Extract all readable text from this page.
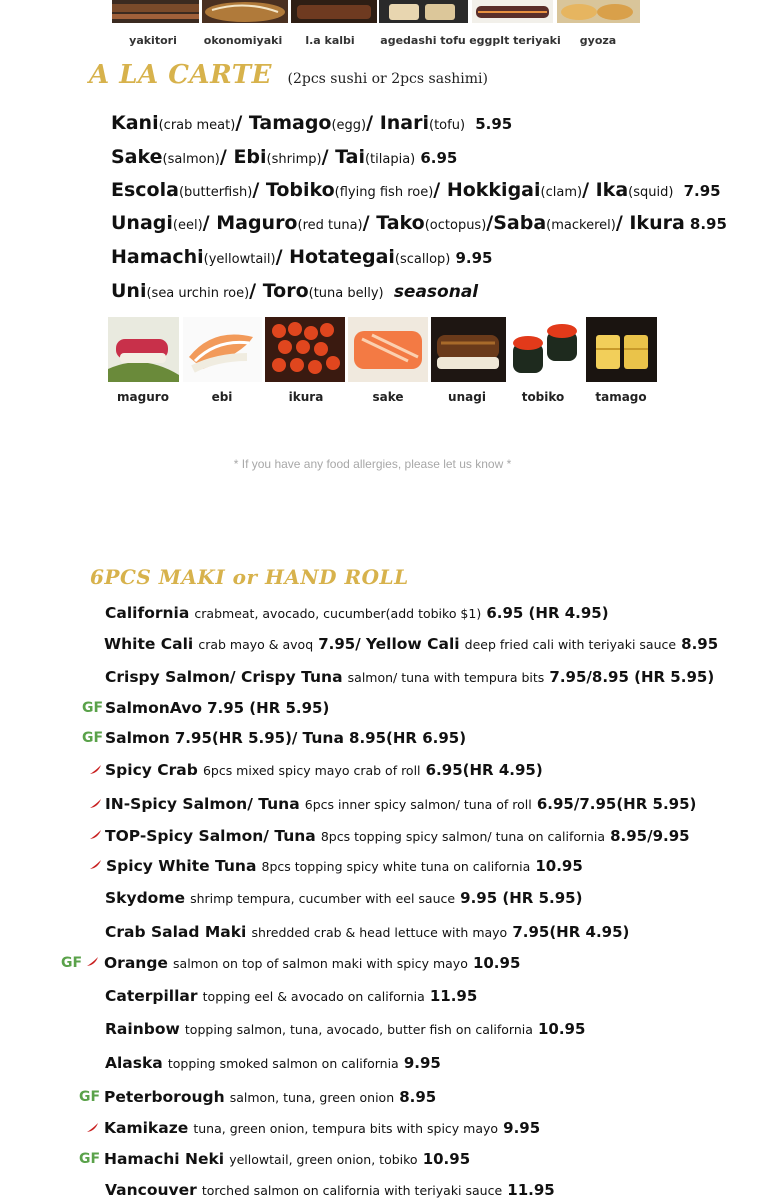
yakitori okonomiyaki l.a kalbi agedashi tofu eggplt teriyaki gyoza
A LA CARTE (2pcs sushi or 2pcs sashimi)
Kani(crab meat)/ Tamago(egg)/ Inari(tofu) 5.95
Sake(salmon)/ Ebi(shrimp)/ Tai(tilapia) 6.95
Escola(butterfish)/ Tobiko(flying fish roe)/ Hokkigai(clam)/ Ika(squid) 7.95
Unagi(eel)/ Maguro(red tuna)/ Tako(octopus)/Saba(mackerel)/ Ikura 8.95
Hamachi(yellowtail)/ Hotategai(scallop) 9.95
Uni(sea urchin roe)/ Toro(tuna belly) seasonal
maguro	ebi	ikura	sake	unagi	tobiko	tamago
* If you have any food allergies, please let us know *
6PCS MAKI or HAND ROLL
California crabmeat, avocado, cucumber(add tobiko $1) 6.95 (HR 4.95)
White Cali crab mayo & avoq 7.95/ Yellow Cali deep fried cali with teriyaki sauce 8.95
Crispy Salmon/ Crispy Tuna salmon/ tuna with tempura bits 7.95/8.95 (HR 5.95)
GF SalmonAvo 7.95 (HR 5.95)
GF Salmon 7.95(HR 5.95)/ Tuna 8.95(HR 6.95)
Spicy Crab 6pcs mixed spicy mayo crab of roll 6.95(HR 4.95)
IN-Spicy Salmon/ Tuna 6pcs inner spicy salmon/ tuna of roll 6.95/7.95(HR 5.95)
TOP-Spicy Salmon/ Tuna 8pcs topping spicy salmon/ tuna on california 8.95/9.95
Spicy White Tuna 8pcs topping spicy white tuna on california 10.95
Skydome shrimp tempura, cucumber with eel sauce 9.95 (HR 5.95)
Crab Salad Maki shredded crab & head lettuce with mayo 7.95(HR 4.95)
GF Orange salmon on top of salmon maki with spicy mayo 10.95
Caterpillar topping eel & avocado on california 11.95
Rainbow topping salmon, tuna, avocado, butter fish on california 10.95
Alaska topping smoked salmon on california 9.95
GF Peterborough salmon, tuna, green onion 8.95
Kamikaze tuna, green onion, tempura bits with spicy mayo 9.95
GF Hamachi Neki yellowtail, green onion, tobiko 10.95
Vancouver torched salmon on california with teriyaki sauce 11.95
